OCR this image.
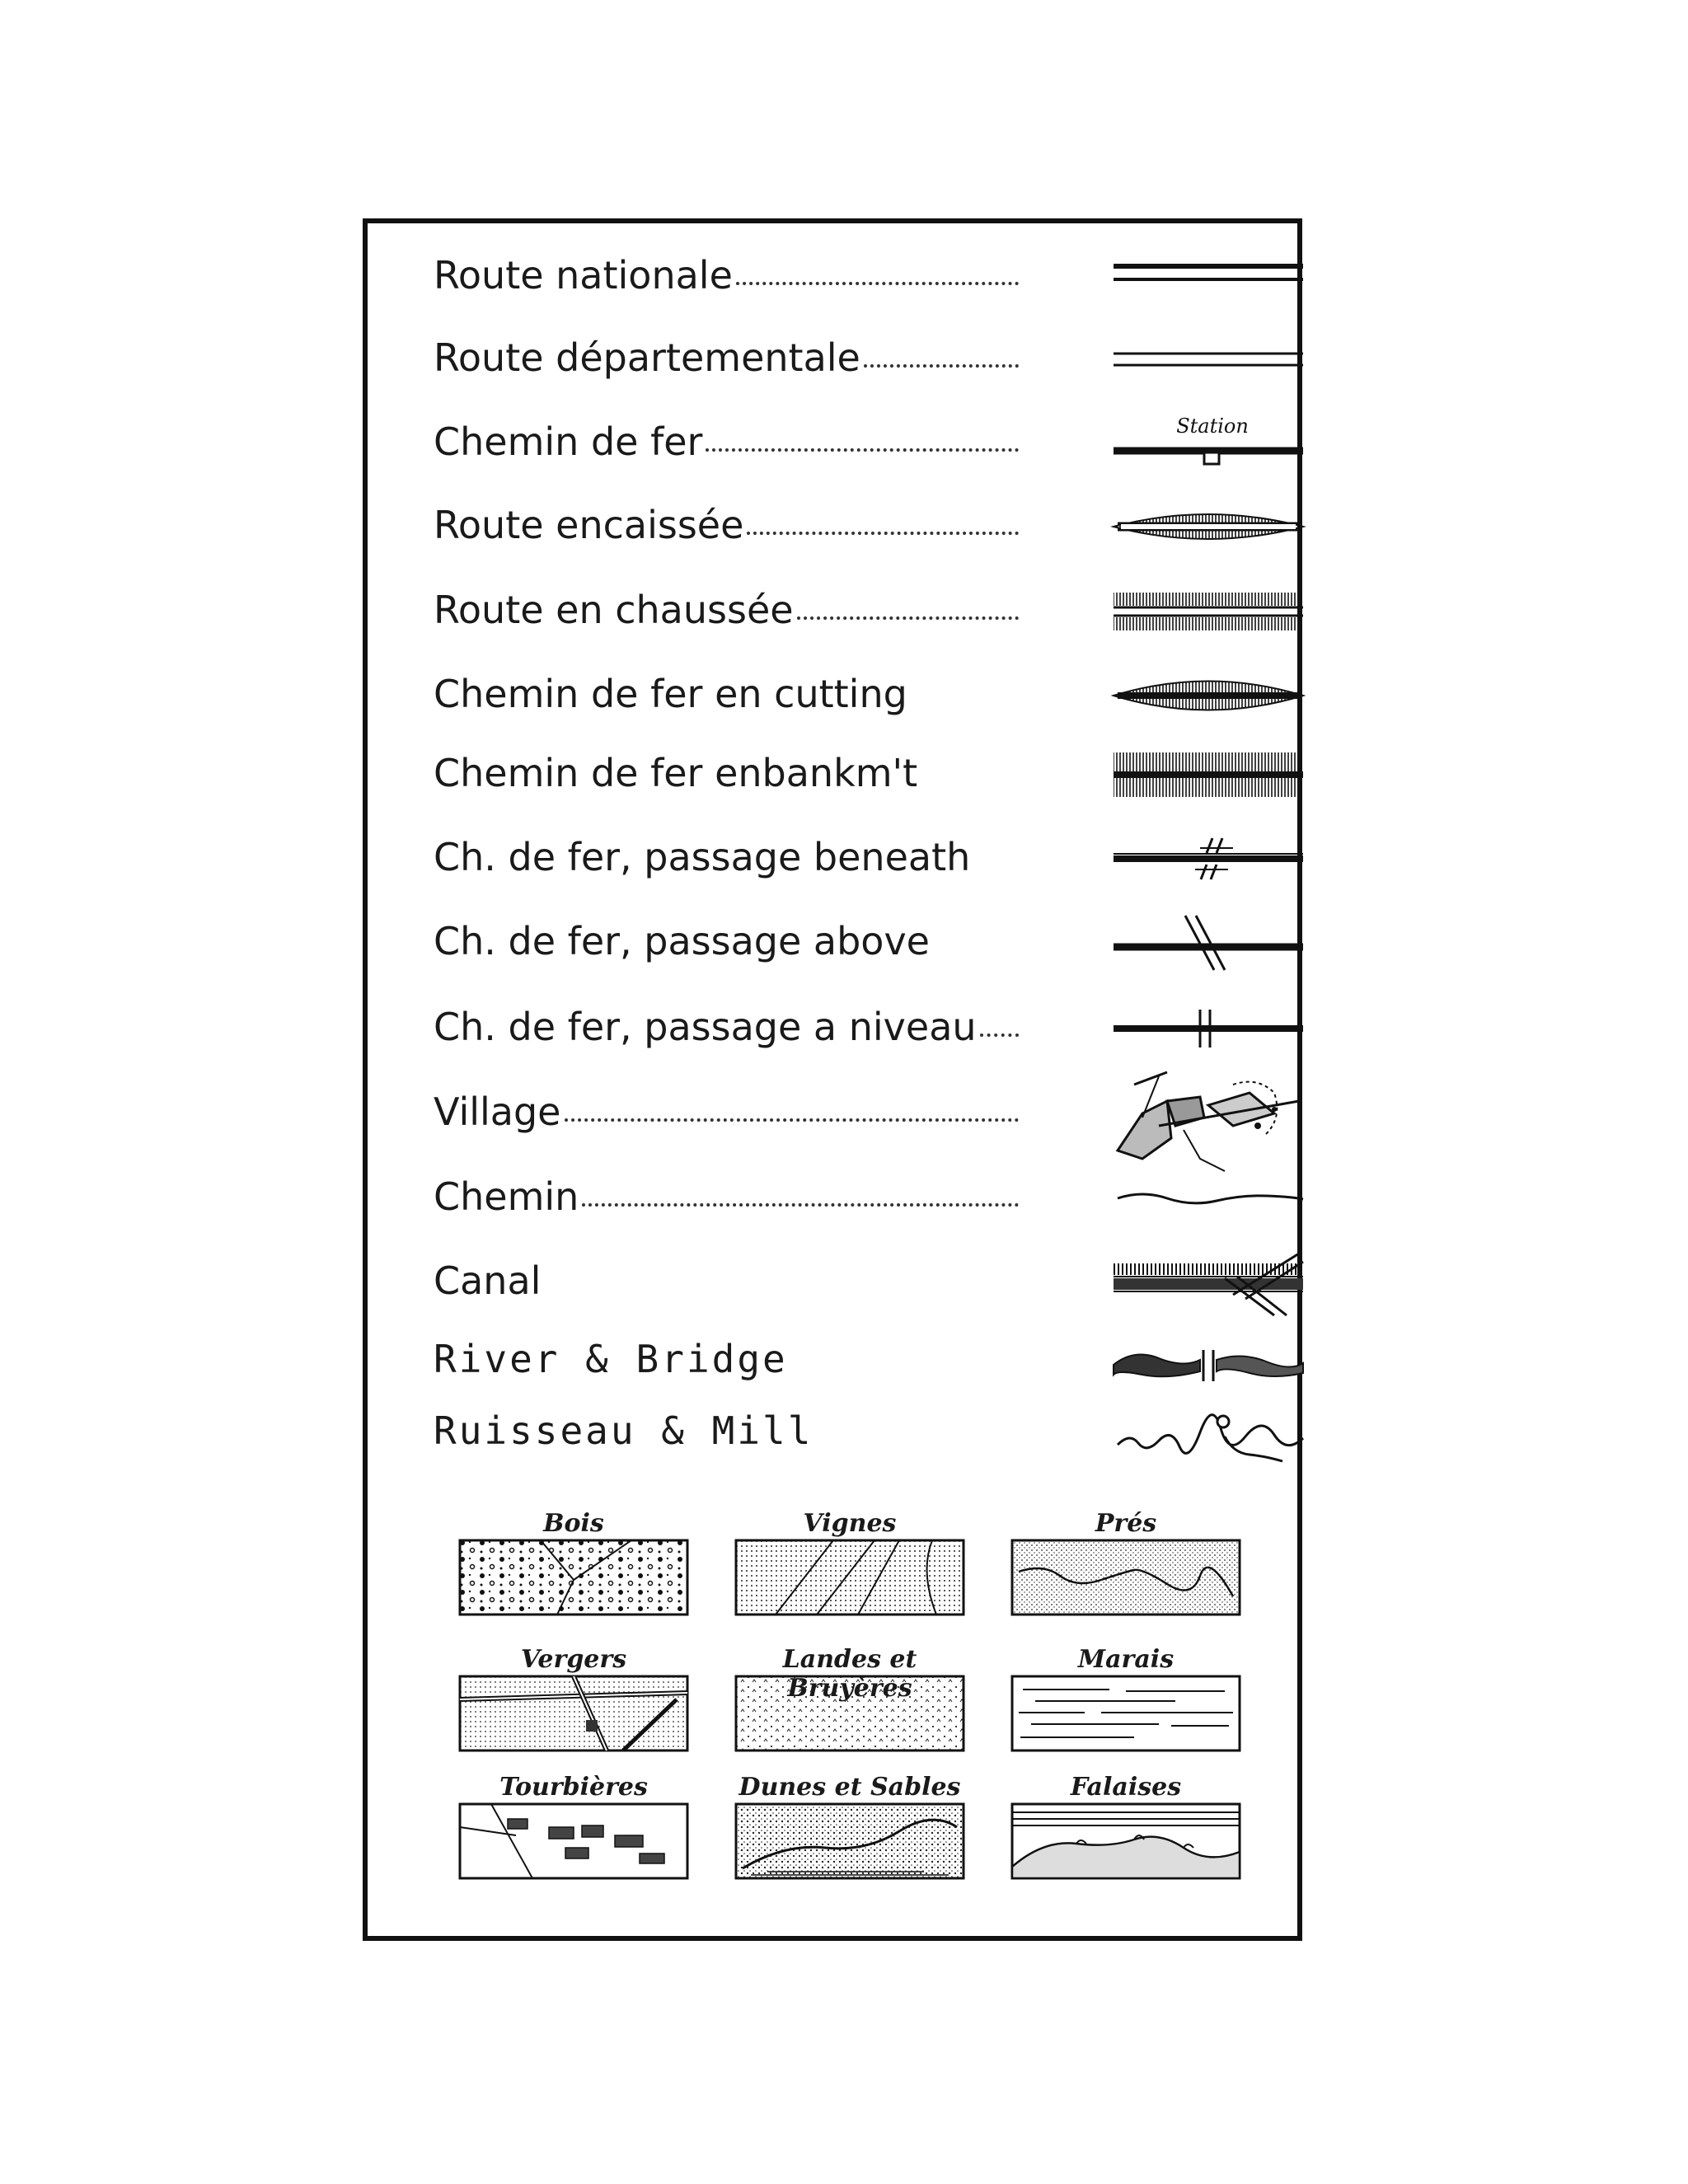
Route nationale
Route départementale
Chemin de fer	Station
Route encaissée
Route en chaussée
Chemin de fer en cutting
Chemin de fer enbankm't
Ch. de fer, passage beneath
Ch. de fer, passage above
Ch. de fer, passage a niveau
Village
Chemin
Canal
River & Bridge
Ruisseau & Mill
Bois	Vignes	Prés
Vergers	Landes et	Marais
Tourbières	Dunes et Sables	Falaises
